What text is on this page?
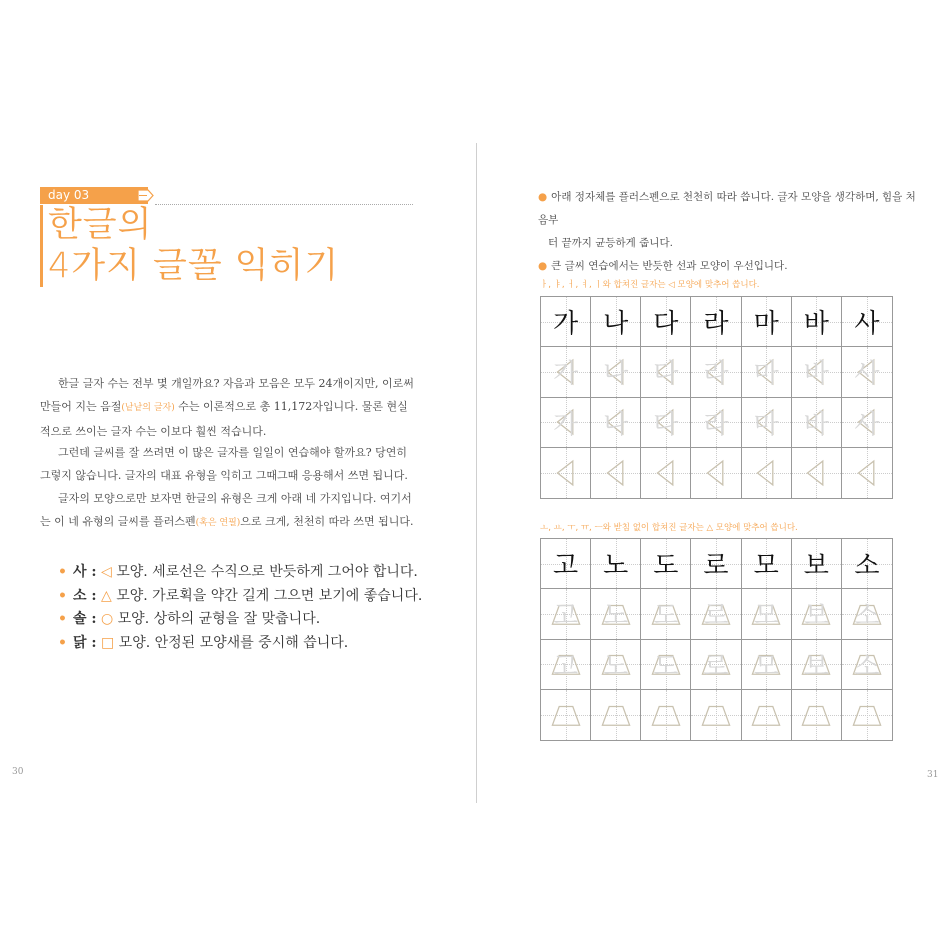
day 03
한글의
4가지 글꼴 익히기
한글 글자 수는 전부 몇 개일까요? 자음과 모음은 모두 24개이지만, 이로써 만들어 지는 음절(낱낱의 글자) 수는 이론적으로 총 11,172자입니다. 물론 현실적으로 쓰이는 글자 수는 이보다 훨씬 적습니다.
그런데 글씨를 잘 쓰려면 이 많은 글자를 일일이 연습해야 할까요? 당연히 그렇지 않습니다. 글자의 대표 유형을 익히고 그때그때 응용해서 쓰면 됩니다.
글자의 모양으로만 보자면 한글의 유형은 크게 아래 네 가지입니다. 여기서는 이 네 유형의 글씨를 플러스펜(혹은 연필)으로 크게, 천천히 따라 쓰면 됩니다.
• 사 : ◁ 모양. 세로선은 수직으로 반듯하게 그어야 합니다.
• 소 : △ 모양. 가로획을 약간 길게 그으면 보기에 좋습니다.
• 솔 : ○ 모양. 상하의 균형을 잘 맞춥니다.
• 닭 : □ 모양. 안정된 모양새를 중시해 씁니다.
30
● 아래 정자체를 플러스펜으로 천천히 따라 씁니다. 글자 모양을 생각하며, 힘을 처음부
터 끝까지 균등하게 줍니다.
● 큰 글씨 연습에서는 반듯한 선과 모양이 우선입니다.
ㅏ, ㅑ, ㅓ, ㅕ, ㅣ와 합쳐진 글자는 ◁ 모양에 맞추어 씁니다.
가 나 다 라 마 바 사
가 나 다 라 마 바 사
가 나 다 라 마 바 사
ㅗ, ㅛ, ㅜ, ㅠ, ㅡ와 받침 없이 합쳐진 글자는 △ 모양에 맞추어 씁니다.
고 노 도 로 모 보 소
고 노 도 로 모 보 소
고 노 도 로 모 보 소
31
